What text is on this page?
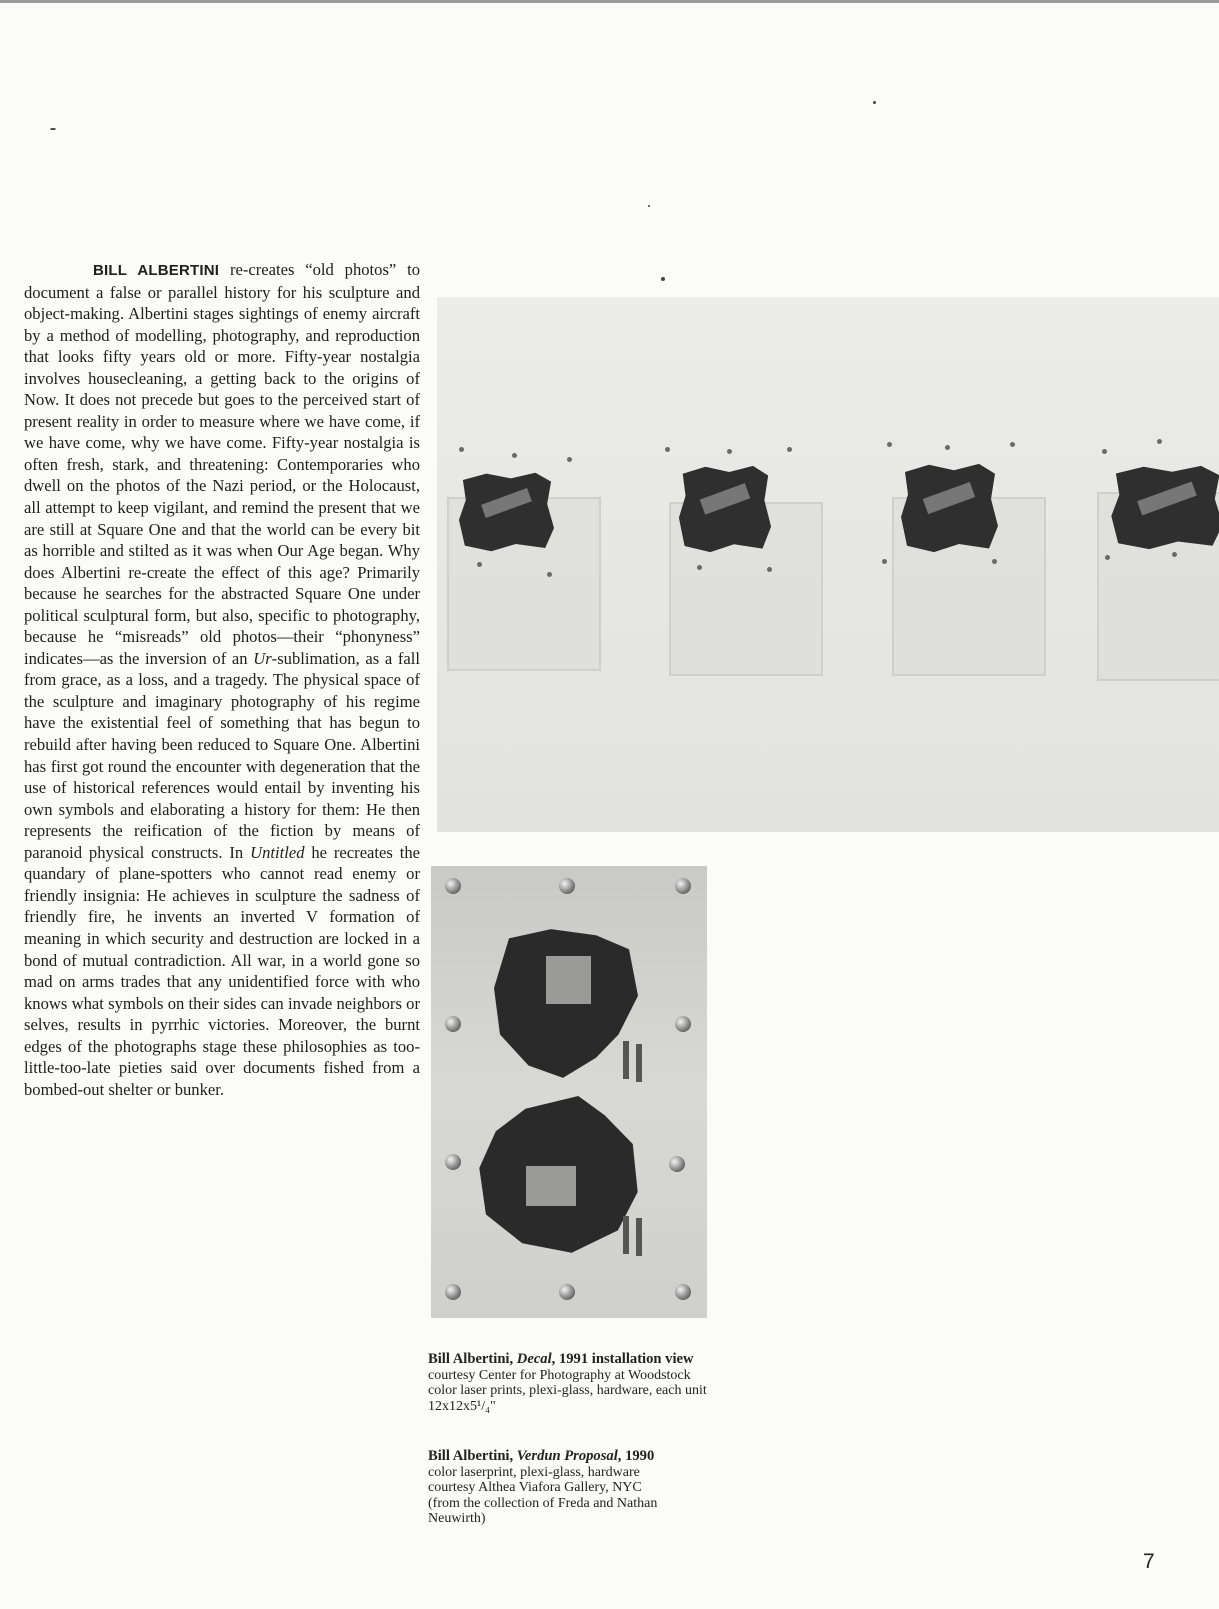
BILL ALBERTINI re-creates “old photos” to document a false or parallel history for his sculpture and object-making. Albertini stages sightings of enemy aircraft by a method of modelling, photography, and reproduction that looks fifty years old or more. Fifty-year nostalgia involves housecleaning, a getting back to the origins of Now. It does not precede but goes to the perceived start of present reality in order to measure where we have come, if we have come, why we have come. Fifty-year nostalgia is often fresh, stark, and threatening: Contemporaries who dwell on the photos of the Nazi period, or the Holocaust, all attempt to keep vigilant, and remind the present that we are still at Square One and that the world can be every bit as horrible and stilted as it was when Our Age began. Why does Albertini re-create the effect of this age? Primarily because he searches for the abstracted Square One under political sculptural form, but also, specific to photography, because he “misreads” old photos—their “phonyness” indicates—as the inversion of an Ur-sublimation, as a fall from grace, as a loss, and a tragedy. The physical space of the sculpture and imaginary photography of his regime have the existential feel of something that has begun to rebuild after having been reduced to Square One. Albertini has first got round the encounter with degeneration that the use of historical references would entail by inventing his own symbols and elaborating a history for them: He then represents the reification of the fiction by means of paranoid physical constructs. In Untitled he recreates the quandary of plane-spotters who cannot read enemy or friendly insignia: He achieves in sculpture the sadness of friendly fire, he invents an inverted V formation of meaning in which security and destruction are locked in a bond of mutual contradiction. All war, in a world gone so mad on arms trades that any unidentified force with who knows what symbols on their sides can invade neighbors or selves, results in pyrrhic victories. Moreover, the burnt edges of the photographs stage these philosophies as too-little-too-late pieties said over documents fished from a bombed-out shelter or bunker.

Bill Albertini, Decal, 1991 installation view
courtesy Center for Photography at Woodstock
color laser prints, plexi-glass, hardware, each unit
12x12x5¹/₄"

Bill Albertini, Verdun Proposal, 1990
color laserprint, plexi-glass, hardware
courtesy Althea Viafora Gallery, NYC
(from the collection of Freda and Nathan
Neuwirth)

7
